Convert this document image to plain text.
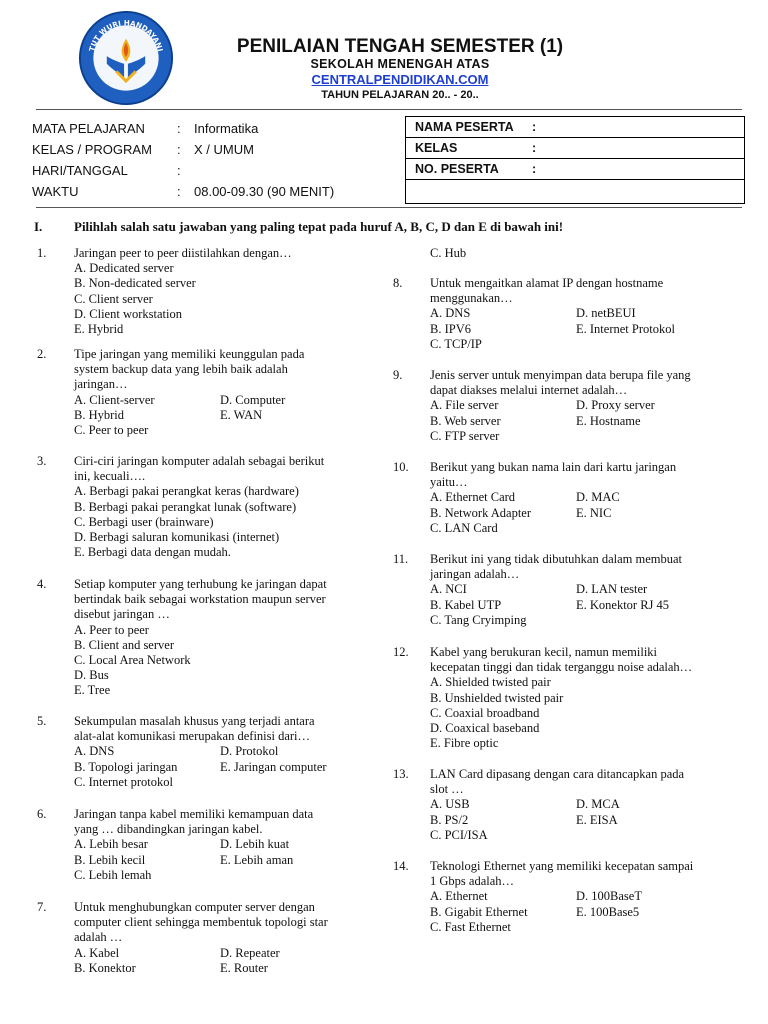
TUT WURI HANDAYANI	PENILAIAN TENGAH SEMESTER (1)
SEKOLAH MENENGAH ATAS
CENTRALPENDIDIKAN.COM
TAHUN PELAJARAN 20.. - 20..
MATA PELAJARAN	: Informatika
KELAS / PROGRAM	: X / UMUM
HARI/TANGGAL	:
WAKTU	: 08.00-09.30 (90 MENIT)
NAMA PESERTA :
KELAS	:
NO. PESERTA	:
I. Pilihlah salah satu jawaban yang paling tepat pada huruf A, B, C, D dan E di bawah ini!
1. Jaringan peer to peer diistilahkan dengan…
A. Dedicated server
B. Non-dedicated server
C. Client server
D. Client workstation
E. Hybrid
2. Tipe jaringan yang memiliki keunggulan pada
system backup data yang lebih baik adalah
jaringan…
A. Client-server	D. Computer
B. Hybrid	E. WAN
C. Peer to peer
3. Ciri-ciri jaringan komputer adalah sebagai berikut
ini, kecuali….
A. Berbagi pakai perangkat keras (hardware)
B. Berbagi pakai perangkat lunak (software)
C. Berbagi user (brainware)
D. Berbagi saluran komunikasi (internet)
E. Berbagi data dengan mudah.
4. Setiap komputer yang terhubung ke jaringan dapat
bertindak baik sebagai workstation maupun server
disebut jaringan …
A. Peer to peer
B. Client and server
C. Local Area Network
D. Bus
E. Tree
5. Sekumpulan masalah khusus yang terjadi antara
alat-alat komunikasi merupakan definisi dari…
A. DNS	D. Protokol
B. Topologi jaringan	E. Jaringan computer
C. Internet protokol
6. Jaringan tanpa kabel memiliki kemampuan data
yang … dibandingkan jaringan kabel.
A. Lebih besar	D. Lebih kuat
B. Lebih kecil	E. Lebih aman
C. Lebih lemah
7. Untuk menghubungkan computer server dengan
computer client sehingga membentuk topologi star
adalah …
A. Kabel	D. Repeater
B. Konektor	E. Router
C. Hub
8. Untuk mengaitkan alamat IP dengan hostname
menggunakan…
A. DNS	D. netBEUI
B. IPV6	E. Internet Protokol
C. TCP/IP
9. Jenis server untuk menyimpan data berupa file yang
dapat diakses melalui internet adalah…
A. File server	D. Proxy server
B. Web server	E. Hostname
C. FTP server
10. Berikut yang bukan nama lain dari kartu jaringan
yaitu…
A. Ethernet Card	D. MAC
B. Network Adapter	E. NIC
C. LAN Card
11. Berikut ini yang tidak dibutuhkan dalam membuat
jaringan adalah…
A. NCI	D. LAN tester
B. Kabel UTP	E. Konektor RJ 45
C. Tang Cryimping
12. Kabel yang berukuran kecil, namun memiliki
kecepatan tinggi dan tidak terganggu noise adalah…
A. Shielded twisted pair
B. Unshielded twisted pair
C. Coaxial broadband
D. Coaxical baseband
E. Fibre optic
13. LAN Card dipasang dengan cara ditancapkan pada
slot …
A. USB	D. MCA
B. PS/2	E. EISA
C. PCI/ISA
14. Teknologi Ethernet yang memiliki kecepatan sampai
1 Gbps adalah…
A. Ethernet	D. 100BaseT
B. Gigabit Ethernet	E. 100Base5
C. Fast Ethernet
